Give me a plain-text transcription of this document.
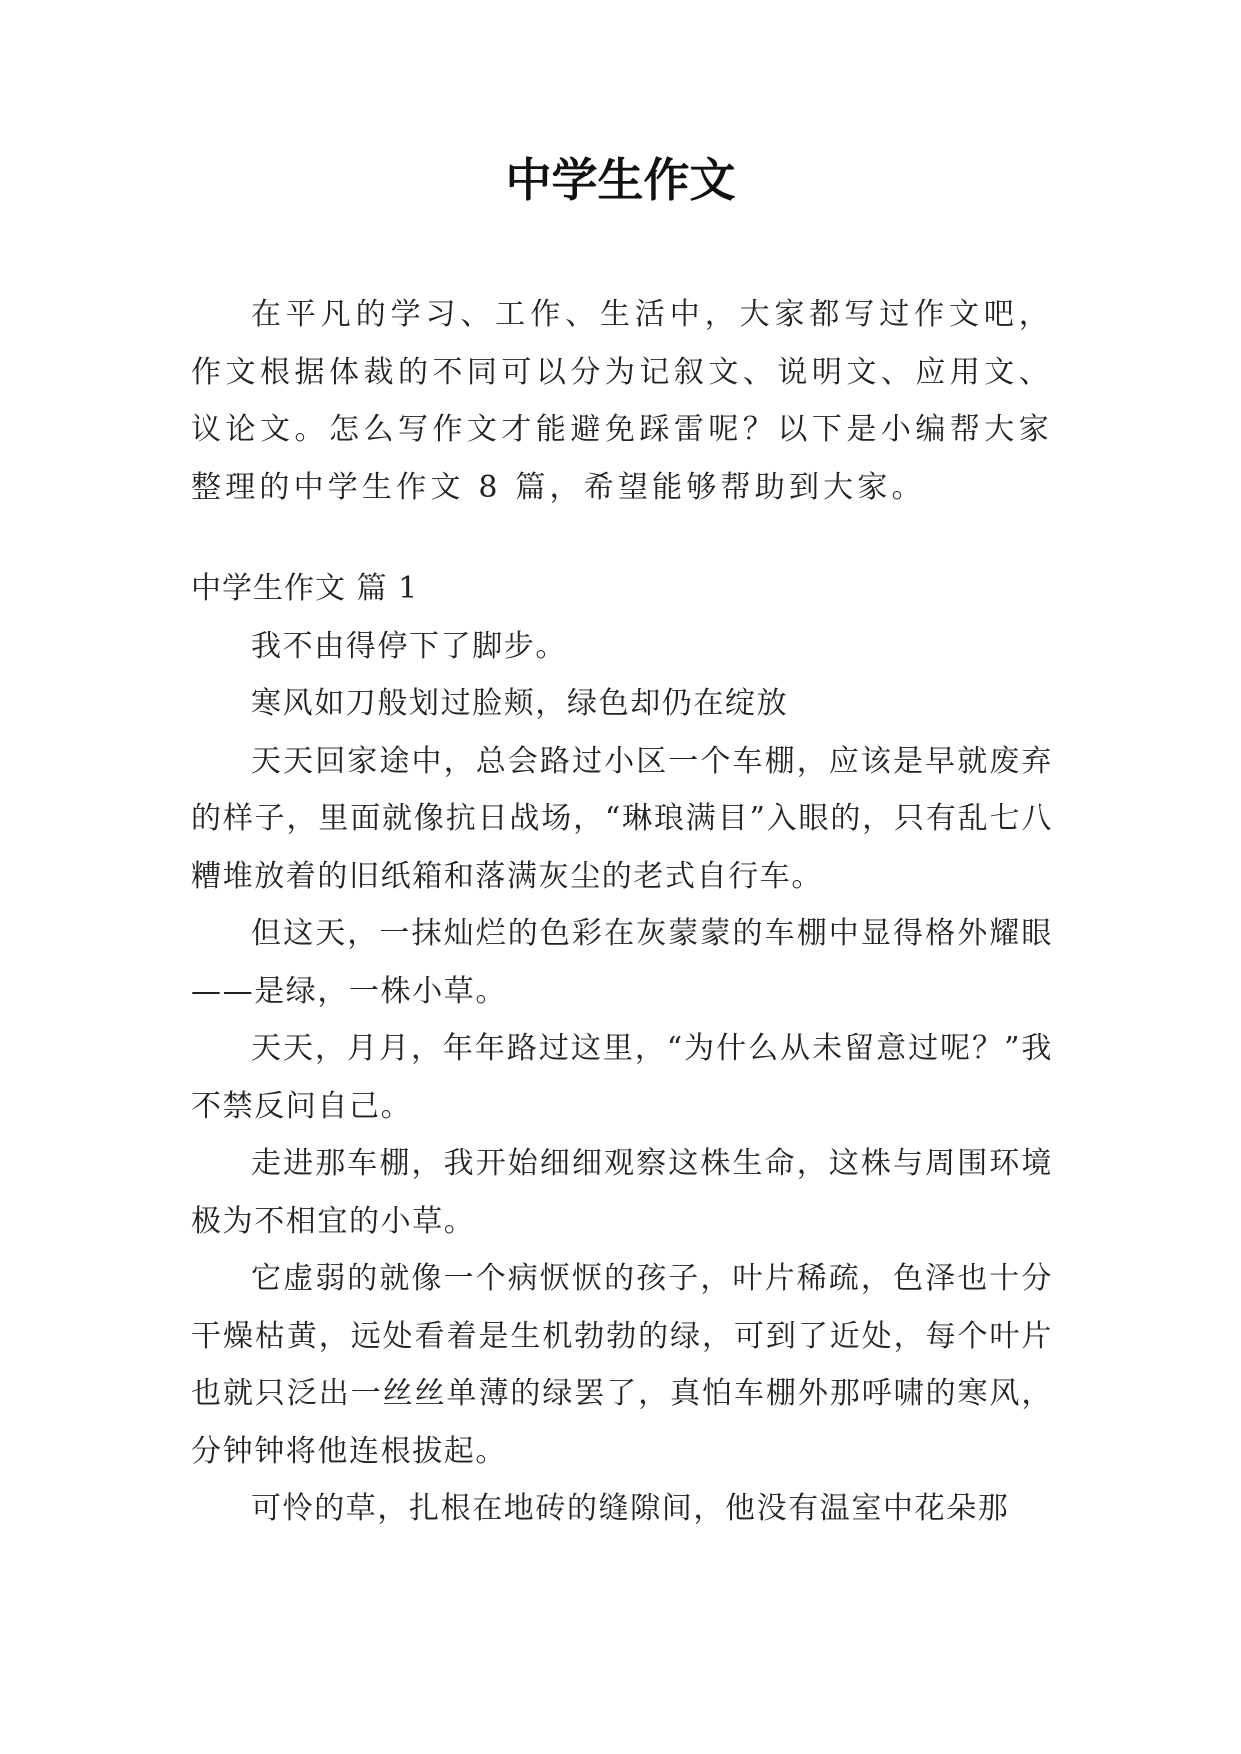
中学生作文

在平凡的学习、工作、生活中，大家都写过作文吧，作文根据体裁的不同可以分为记叙文、说明文、应用文、议论文。怎么写作文才能避免踩雷呢？以下是小编帮大家整理的中学生作文 8 篇，希望能够帮助到大家。

中学生作文 篇 1

我不由得停下了脚步。

寒风如刀般划过脸颊，绿色却仍在绽放

天天回家途中，总会路过小区一个车棚，应该是早就废弃的样子，里面就像抗日战场，“琳琅满目”入眼的，只有乱七八糟堆放着的旧纸箱和落满灰尘的老式自行车。

但这天，一抹灿烂的色彩在灰蒙蒙的车棚中显得格外耀眼——是绿，一株小草。

天天，月月，年年路过这里，“为什么从未留意过呢？”我不禁反问自己。

走进那车棚，我开始细细观察这株生命，这株与周围环境极为不相宜的小草。

它虚弱的就像一个病恹恹的孩子，叶片稀疏，色泽也十分干燥枯黄，远处看着是生机勃勃的绿，可到了近处，每个叶片也就只泛出一丝丝单薄的绿罢了，真怕车棚外那呼啸的寒风，分钟钟将他连根拔起。

可怜的草，扎根在地砖的缝隙间，他没有温室中花朵那
